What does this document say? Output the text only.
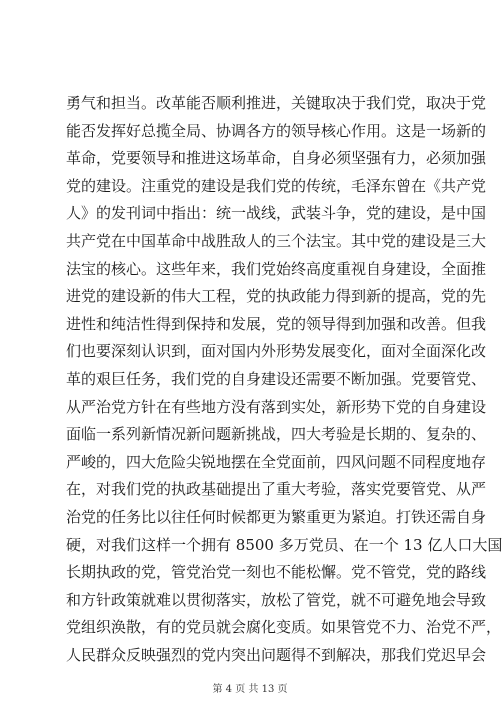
勇气和担当。改革能否顺利推进，关键取决于我们党，取决于党
能否发挥好总揽全局、协调各方的领导核心作用。这是一场新的
革命，党要领导和推进这场革命，自身必须坚强有力，必须加强
党的建设。注重党的建设是我们党的传统，毛泽东曾在《共产党
人》的发刊词中指出：统一战线，武装斗争，党的建设，是中国
共产党在中国革命中战胜敌人的三个法宝。其中党的建设是三大
法宝的核心。这些年来，我们党始终高度重视自身建设，全面推
进党的建设新的伟大工程，党的执政能力得到新的提高，党的先
进性和纯洁性得到保持和发展，党的领导得到加强和改善。但我
们也要深刻认识到，面对国内外形势发展变化，面对全面深化改
革的艰巨任务，我们党的自身建设还需要不断加强。党要管党、
从严治党方针在有些地方没有落到实处，新形势下党的自身建设
面临一系列新情况新问题新挑战，四大考验是长期的、复杂的、
严峻的，四大危险尖锐地摆在全党面前，四风问题不同程度地存
在，对我们党的执政基础提出了重大考验，落实党要管党、从严
治党的任务比以往任何时候都更为繁重更为紧迫。打铁还需自身
硬，对我们这样一个拥有 8500 多万党员、在一个 13 亿人口大国
长期执政的党，管党治党一刻也不能松懈。党不管党，党的路线
和方针政策就难以贯彻落实，放松了管党，就不可避免地会导致
党组织涣散，有的党员就会腐化变质。如果管党不力、治党不严，
人民群众反映强烈的党内突出问题得不到解决，那我们党迟早会
第 4 页 共 13 页
